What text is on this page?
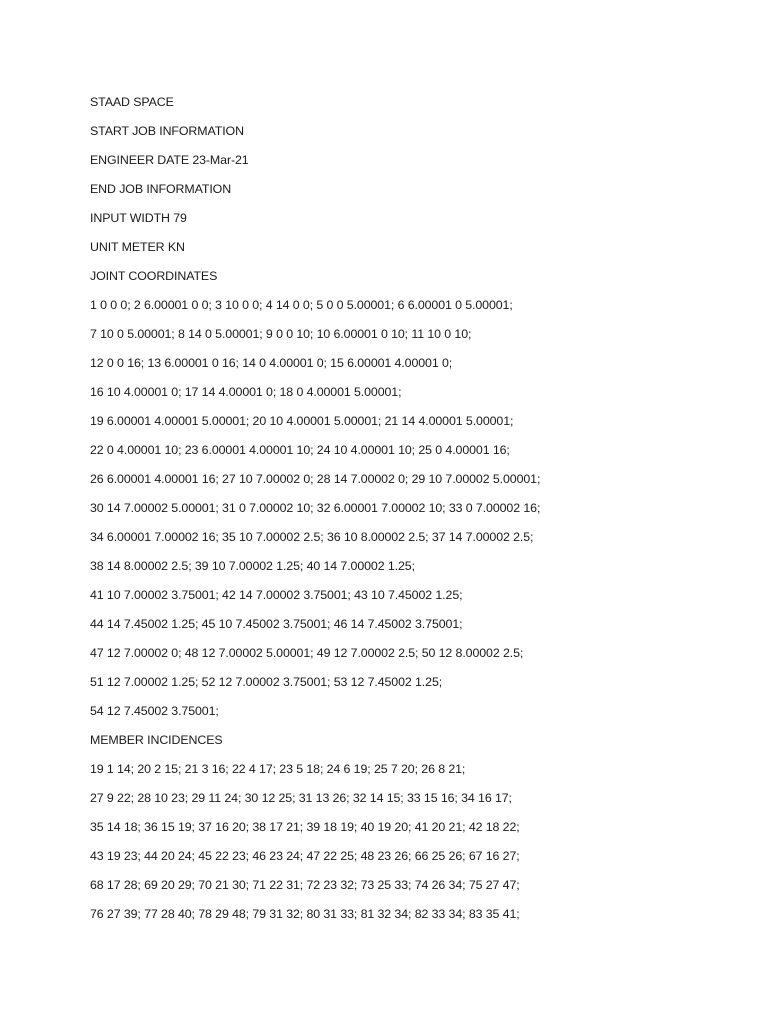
STAAD SPACE
START JOB INFORMATION
ENGINEER DATE 23-Mar-21
END JOB INFORMATION
INPUT WIDTH 79
UNIT METER KN
JOINT COORDINATES
1 0 0 0; 2 6.00001 0 0; 3 10 0 0; 4 14 0 0; 5 0 0 5.00001; 6 6.00001 0 5.00001;
7 10 0 5.00001; 8 14 0 5.00001; 9 0 0 10; 10 6.00001 0 10; 11 10 0 10;
12 0 0 16; 13 6.00001 0 16; 14 0 4.00001 0; 15 6.00001 4.00001 0;
16 10 4.00001 0; 17 14 4.00001 0; 18 0 4.00001 5.00001;
19 6.00001 4.00001 5.00001; 20 10 4.00001 5.00001; 21 14 4.00001 5.00001;
22 0 4.00001 10; 23 6.00001 4.00001 10; 24 10 4.00001 10; 25 0 4.00001 16;
26 6.00001 4.00001 16; 27 10 7.00002 0; 28 14 7.00002 0; 29 10 7.00002 5.00001;
30 14 7.00002 5.00001; 31 0 7.00002 10; 32 6.00001 7.00002 10; 33 0 7.00002 16;
34 6.00001 7.00002 16; 35 10 7.00002 2.5; 36 10 8.00002 2.5; 37 14 7.00002 2.5;
38 14 8.00002 2.5; 39 10 7.00002 1.25; 40 14 7.00002 1.25;
41 10 7.00002 3.75001; 42 14 7.00002 3.75001; 43 10 7.45002 1.25;
44 14 7.45002 1.25; 45 10 7.45002 3.75001; 46 14 7.45002 3.75001;
47 12 7.00002 0; 48 12 7.00002 5.00001; 49 12 7.00002 2.5; 50 12 8.00002 2.5;
51 12 7.00002 1.25; 52 12 7.00002 3.75001; 53 12 7.45002 1.25;
54 12 7.45002 3.75001;
MEMBER INCIDENCES
19 1 14; 20 2 15; 21 3 16; 22 4 17; 23 5 18; 24 6 19; 25 7 20; 26 8 21;
27 9 22; 28 10 23; 29 11 24; 30 12 25; 31 13 26; 32 14 15; 33 15 16; 34 16 17;
35 14 18; 36 15 19; 37 16 20; 38 17 21; 39 18 19; 40 19 20; 41 20 21; 42 18 22;
43 19 23; 44 20 24; 45 22 23; 46 23 24; 47 22 25; 48 23 26; 66 25 26; 67 16 27;
68 17 28; 69 20 29; 70 21 30; 71 22 31; 72 23 32; 73 25 33; 74 26 34; 75 27 47;
76 27 39; 77 28 40; 78 29 48; 79 31 32; 80 31 33; 81 32 34; 82 33 34; 83 35 41;
